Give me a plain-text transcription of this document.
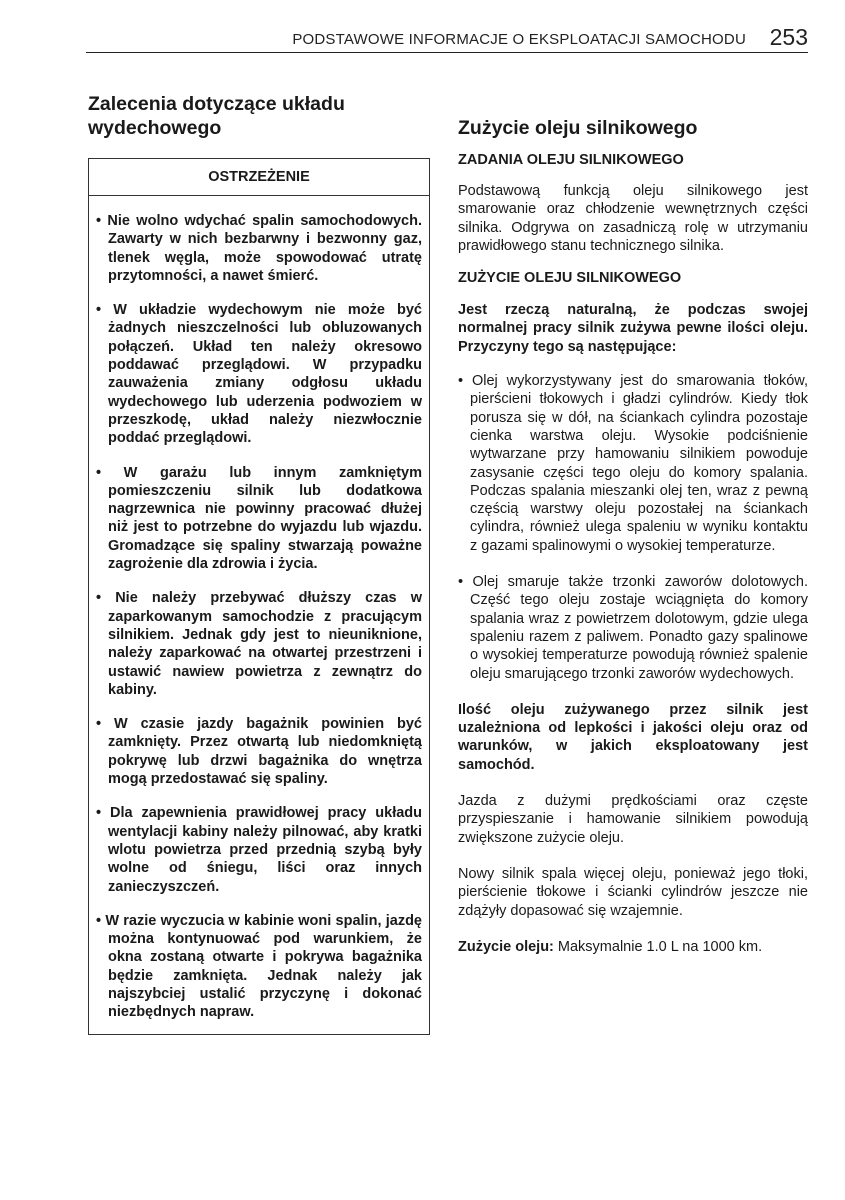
PODSTAWOWE INFORMACJE O EKSPLOATACJI SAMOCHODU 253
Zalecenia dotyczące układu
wydechowego
OSTRZEŻENIE
• Nie wolno wdychać spalin samochodowych. Zawarty w nich bezbarwny i bezwonny gaz, tlenek węgla, może spowodować utratę przytomności, a nawet śmierć.
• W układzie wydechowym nie może być żadnych nieszczelności lub obluzowanych połączeń. Układ ten należy okresowo poddawać przeglądowi. W przypadku zauważenia zmiany odgłosu układu wydechowego lub uderzenia podwoziem w przeszkodę, układ należy niezwłocznie poddać przeglądowi.
• W garażu lub innym zamkniętym pomieszczeniu silnik lub dodatkowa nagrzewnica nie powinny pracować dłużej niż jest to potrzebne do wyjazdu lub wjazdu. Gromadzące się spaliny stwarzają poważne zagrożenie dla zdrowia i życia.
• Nie należy przebywać dłuższy czas w zaparkowanym samochodzie z pracującym silnikiem. Jednak gdy jest to nieuniknione, należy zaparkować na otwartej przestrzeni i ustawić nawiew powietrza z zewnątrz do kabiny.
• W czasie jazdy bagażnik powinien być zamknięty. Przez otwartą lub niedomkniętą pokrywę lub drzwi bagażnika do wnętrza mogą przedostawać się spaliny.
• Dla zapewnienia prawidłowej pracy układu wentylacji kabiny należy pilnować, aby kratki wlotu powietrza przed przednią szybą były wolne od śniegu, liści oraz innych zanieczyszczeń.
• W razie wyczucia w kabinie woni spalin, jazdę można kontynuować pod warunkiem, że okna zostaną otwarte i pokrywa bagażnika będzie zamknięta. Jednak należy jak najszybciej ustalić przyczynę i dokonać niezbędnych napraw.
Zużycie oleju silnikowego

ZADANIA OLEJU SILNIKOWEGO

Podstawową funkcją oleju silnikowego jest smarowanie oraz chłodzenie wewnętrznych części silnika. Odgrywa on zasadniczą rolę w utrzymaniu prawidłowego stanu technicznego silnika.

ZUŻYCIE OLEJU SILNIKOWEGO

Jest rzeczą naturalną, że podczas swojej normalnej pracy silnik zużywa pewne ilości oleju. Przyczyny tego są następujące:

• Olej wykorzystywany jest do smarowania tłoków, pierścieni tłokowych i gładzi cylindrów. Kiedy tłok porusza się w dół, na ściankach cylindra pozostaje cienka warstwa oleju. Wysokie podciśnienie wytwarzane przy hamowaniu silnikiem powoduje zasysanie części tego oleju do komory spalania. Podczas spalania mieszanki olej ten, wraz z pewną częścią warstwy oleju pozostałej na ściankach cylindra, również ulega spaleniu w wyniku kontaktu z gazami spalinowymi o wysokiej temperaturze.
• Olej smaruje także trzonki zaworów dolotowych. Część tego oleju zostaje wciągnięta do komory spalania wraz z powietrzem dolotowym, gdzie ulega spaleniu razem z paliwem. Ponadto gazy spalinowe o wysokiej temperaturze powodują również spalenie oleju smarującego trzonki zaworów wydechowych.

Ilość oleju zużywanego przez silnik jest uzależniona od lepkości i jakości oleju oraz od warunków, w jakich eksploatowany jest samochód.

Jazda z dużymi prędkościami oraz częste przyspieszanie i hamowanie silnikiem powodują zwiększone zużycie oleju.

Nowy silnik spala więcej oleju, ponieważ jego tłoki, pierścienie tłokowe i ścianki cylindrów jeszcze nie zdążyły dopasować się wzajemnie.

Zużycie oleju: Maksymalnie 1.0 L na 1000 km.
